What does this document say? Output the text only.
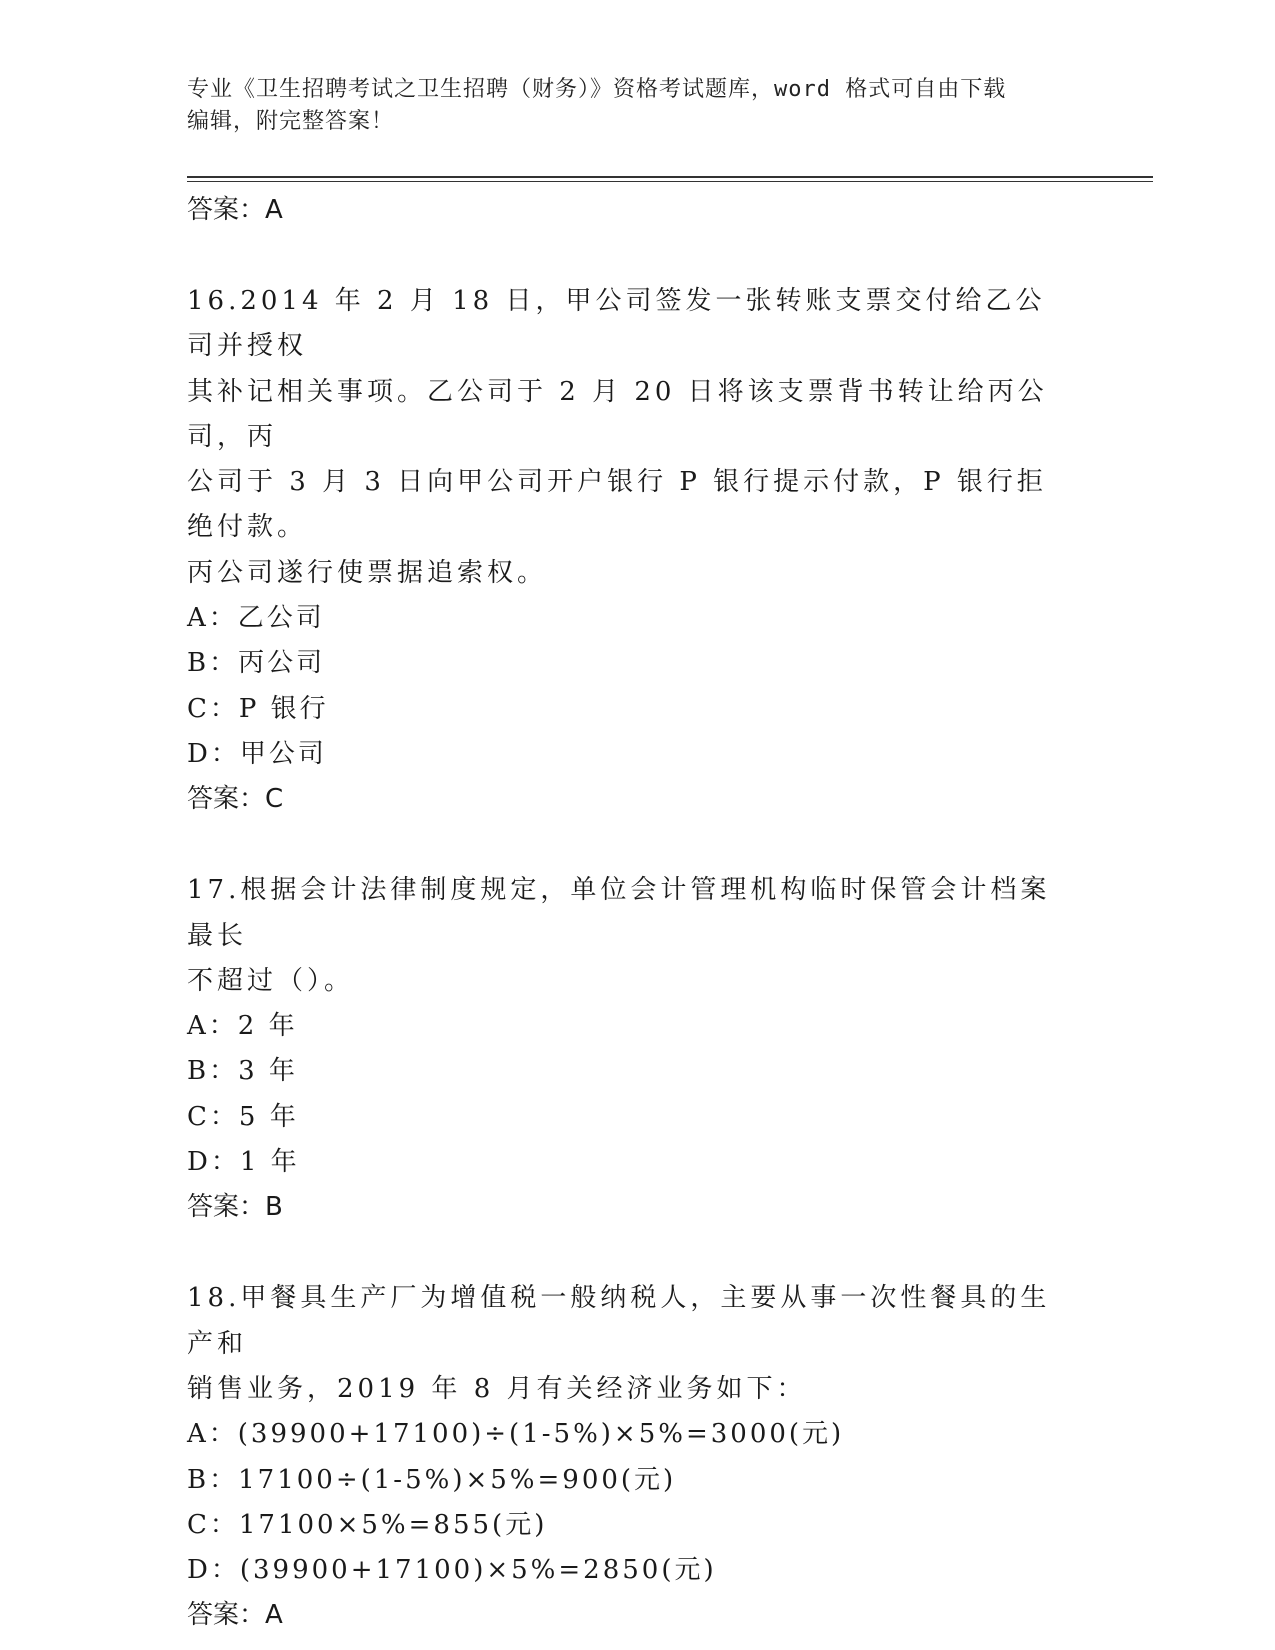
专业《卫生招聘考试之卫生招聘（财务）》资格考试题库，word 格式可自由下载
编辑，附完整答案！
答案：A
16.2014 年 2 月 18 日，甲公司签发一张转账支票交付给乙公司并授权
其补记相关事项。乙公司于 2 月 20 日将该支票背书转让给丙公司，丙
公司于 3 月 3 日向甲公司开户银行 P 银行提示付款，P 银行拒绝付款。
丙公司遂行使票据追索权。
A：乙公司
B：丙公司
C：P 银行
D：甲公司
答案：C
17.根据会计法律制度规定，单位会计管理机构临时保管会计档案最长
不超过（）。
A：2 年
B：3 年
C：5 年
D：1 年
答案：B
18.甲餐具生产厂为增值税一般纳税人，主要从事一次性餐具的生产和
销售业务，2019 年 8 月有关经济业务如下：
A：(39900+17100)÷(1-5%)×5%=3000(元)
B：17100÷(1-5%)×5%=900(元)
C：17100×5%=855(元)
D：(39900+17100)×5%=2850(元)
答案：A
